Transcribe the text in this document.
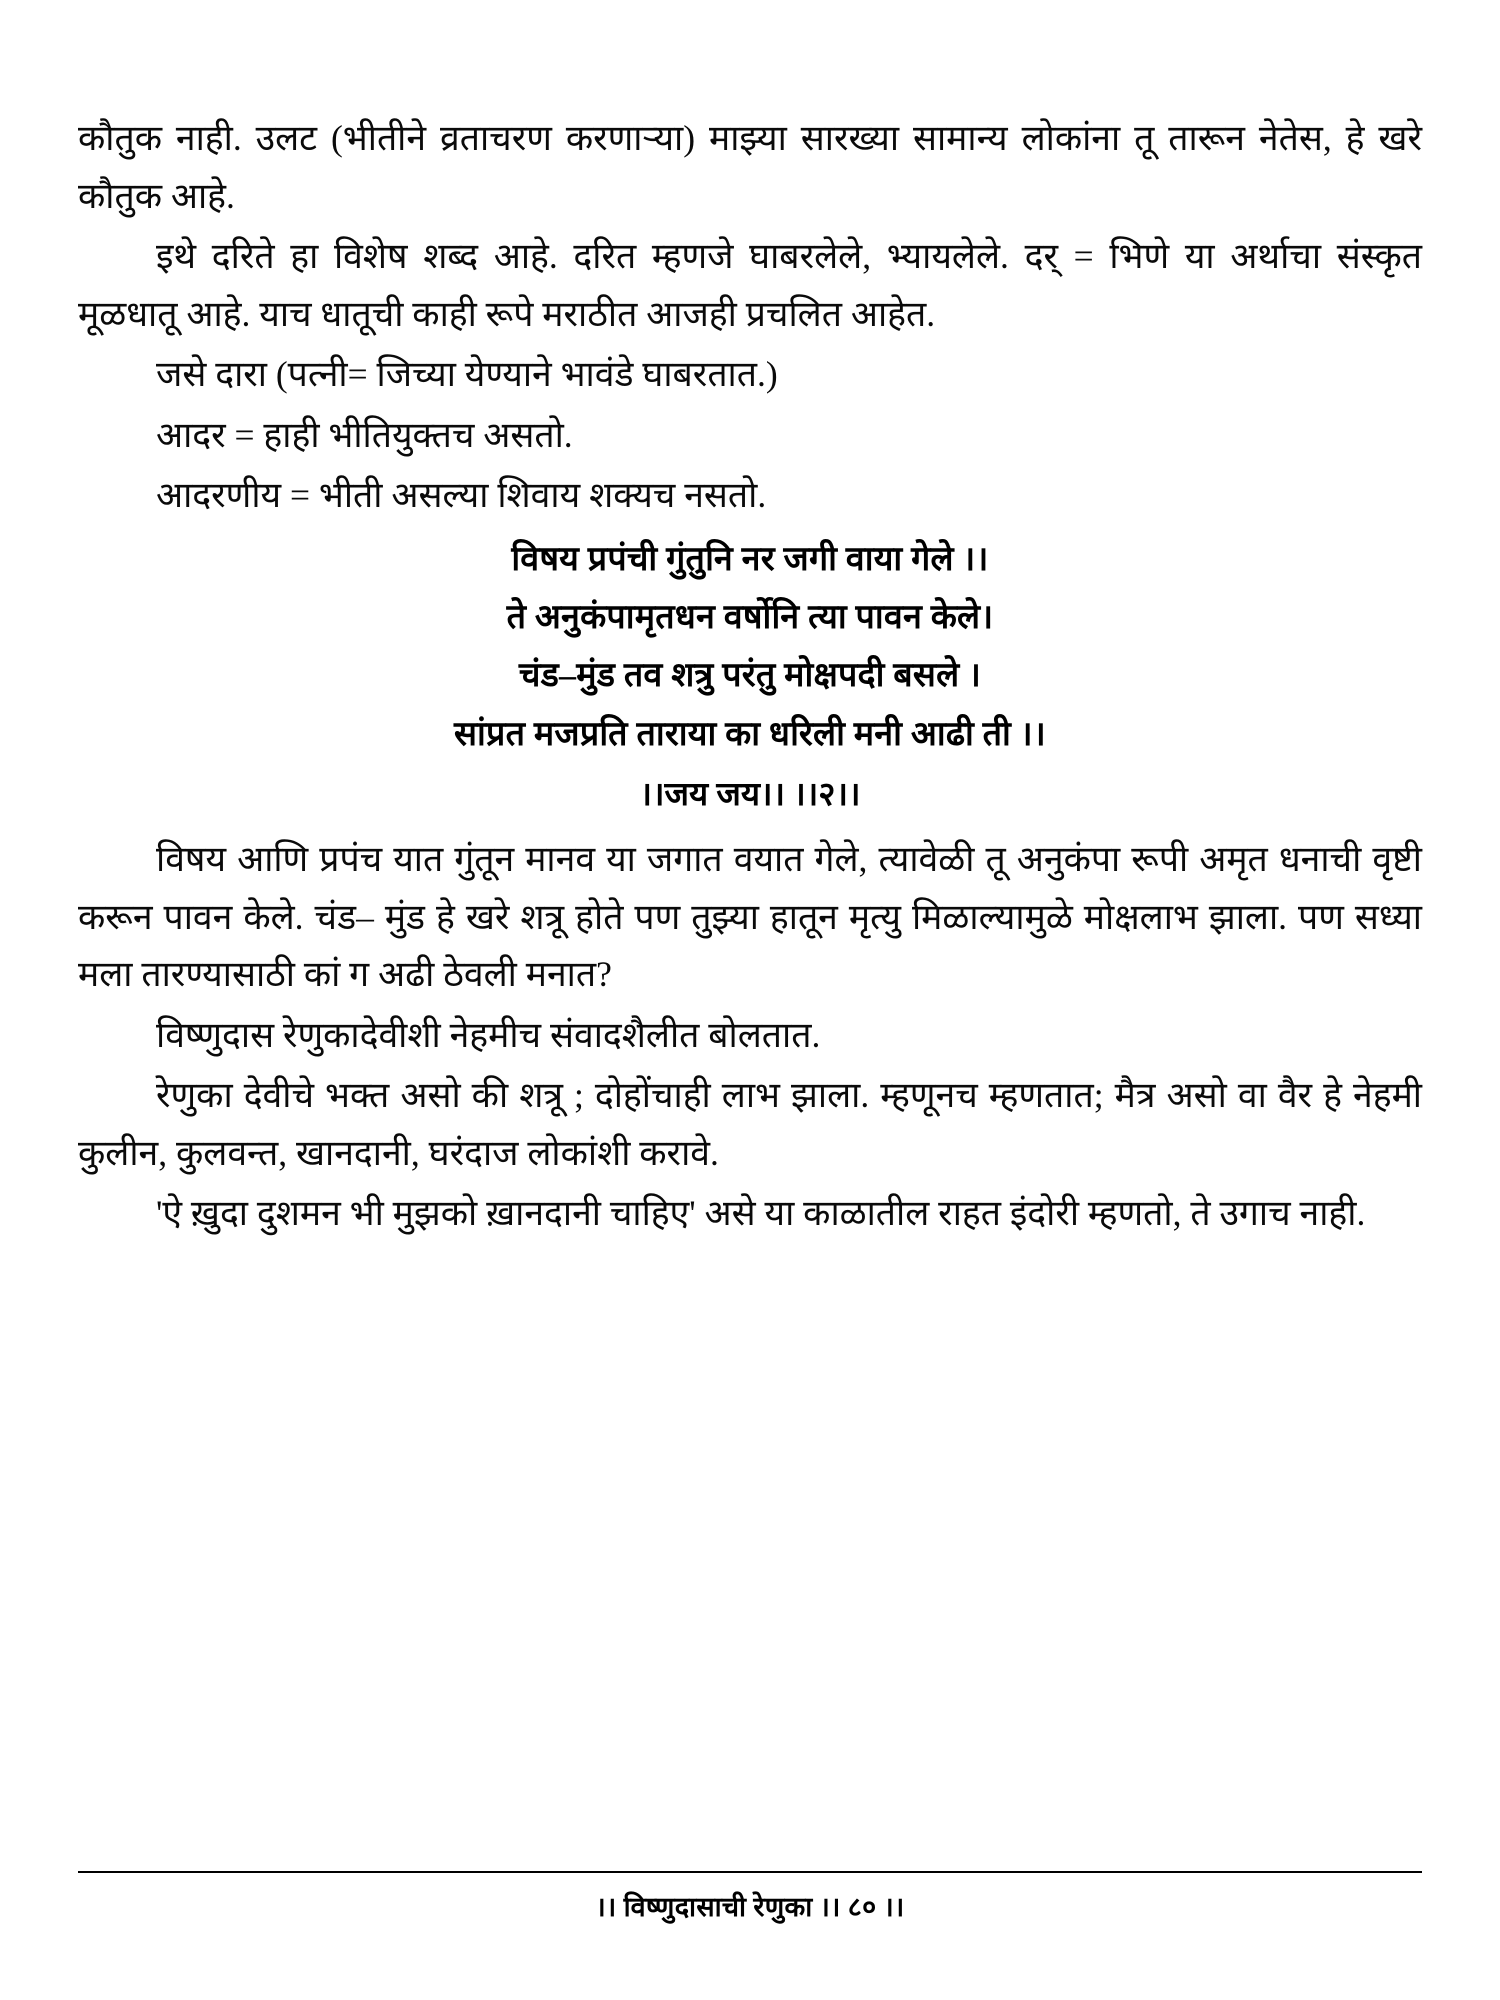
कौतुक नाही. उलट (भीतीने व्रताचरण करणाऱ्या) माझ्या सारख्या सामान्य लोकांना तू तारून नेतेस, हे खरे कौतुक आहे.

इथे दरिते हा विशेष शब्द आहे. दरित म्हणजे घाबरलेले, भ्यायलेले. दर् = भिणे या अर्थाचा संस्कृत मूळधातू आहे. याच धातूची काही रूपे मराठीत आजही प्रचलित आहेत.

जसे दारा (पत्नी= जिच्या येण्याने भावंडे घाबरतात.)
आदर = हाही भीतियुक्तच असतो.
आदरणीय = भीती असल्या शिवाय शक्यच नसतो.
विषय प्रपंची गुंतुनि नर जगी वाया गेले ।।
ते अनुकंपामृतधन वर्षोनि त्या पावन केले।
चंड–मुंड तव शत्रु परंतु मोक्षपदी बसले ।
सांप्रत मजप्रति ताराया का धरिली मनी आढी ती ।।
।।जय जय।। ।।२।।

विषय आणि प्रपंच यात गुंतून मानव या जगात वयात गेले, त्यावेळी तू अनुकंपा रूपी अमृत धनाची वृष्टी करून पावन केले. चंड– मुंड हे खरे शत्रू होते पण तुझ्या हातून मृत्यु मिळाल्यामुळे मोक्षलाभ झाला. पण सध्या मला तारण्यासाठी कां ग अढी ठेवली मनात?

विष्णुदास रेणुकादेवीशी नेहमीच संवादशैलीत बोलतात.

रेणुका देवीचे भक्त असो की शत्रू ; दोहोंचाही लाभ झाला. म्हणूनच म्हणतात; मैत्र असो वा वैर हे नेहमी कुलीन, कुलवन्त, खानदानी, घरंदाज लोकांशी करावे.

'ऐ ख़ुदा दुशमन भी मुझको ख़ानदानी चाहिए' असे या काळातील राहत इंदोरी म्हणतो, ते उगाच नाही.

।। विष्णुदासाची रेणुका ।। ८० ।।
